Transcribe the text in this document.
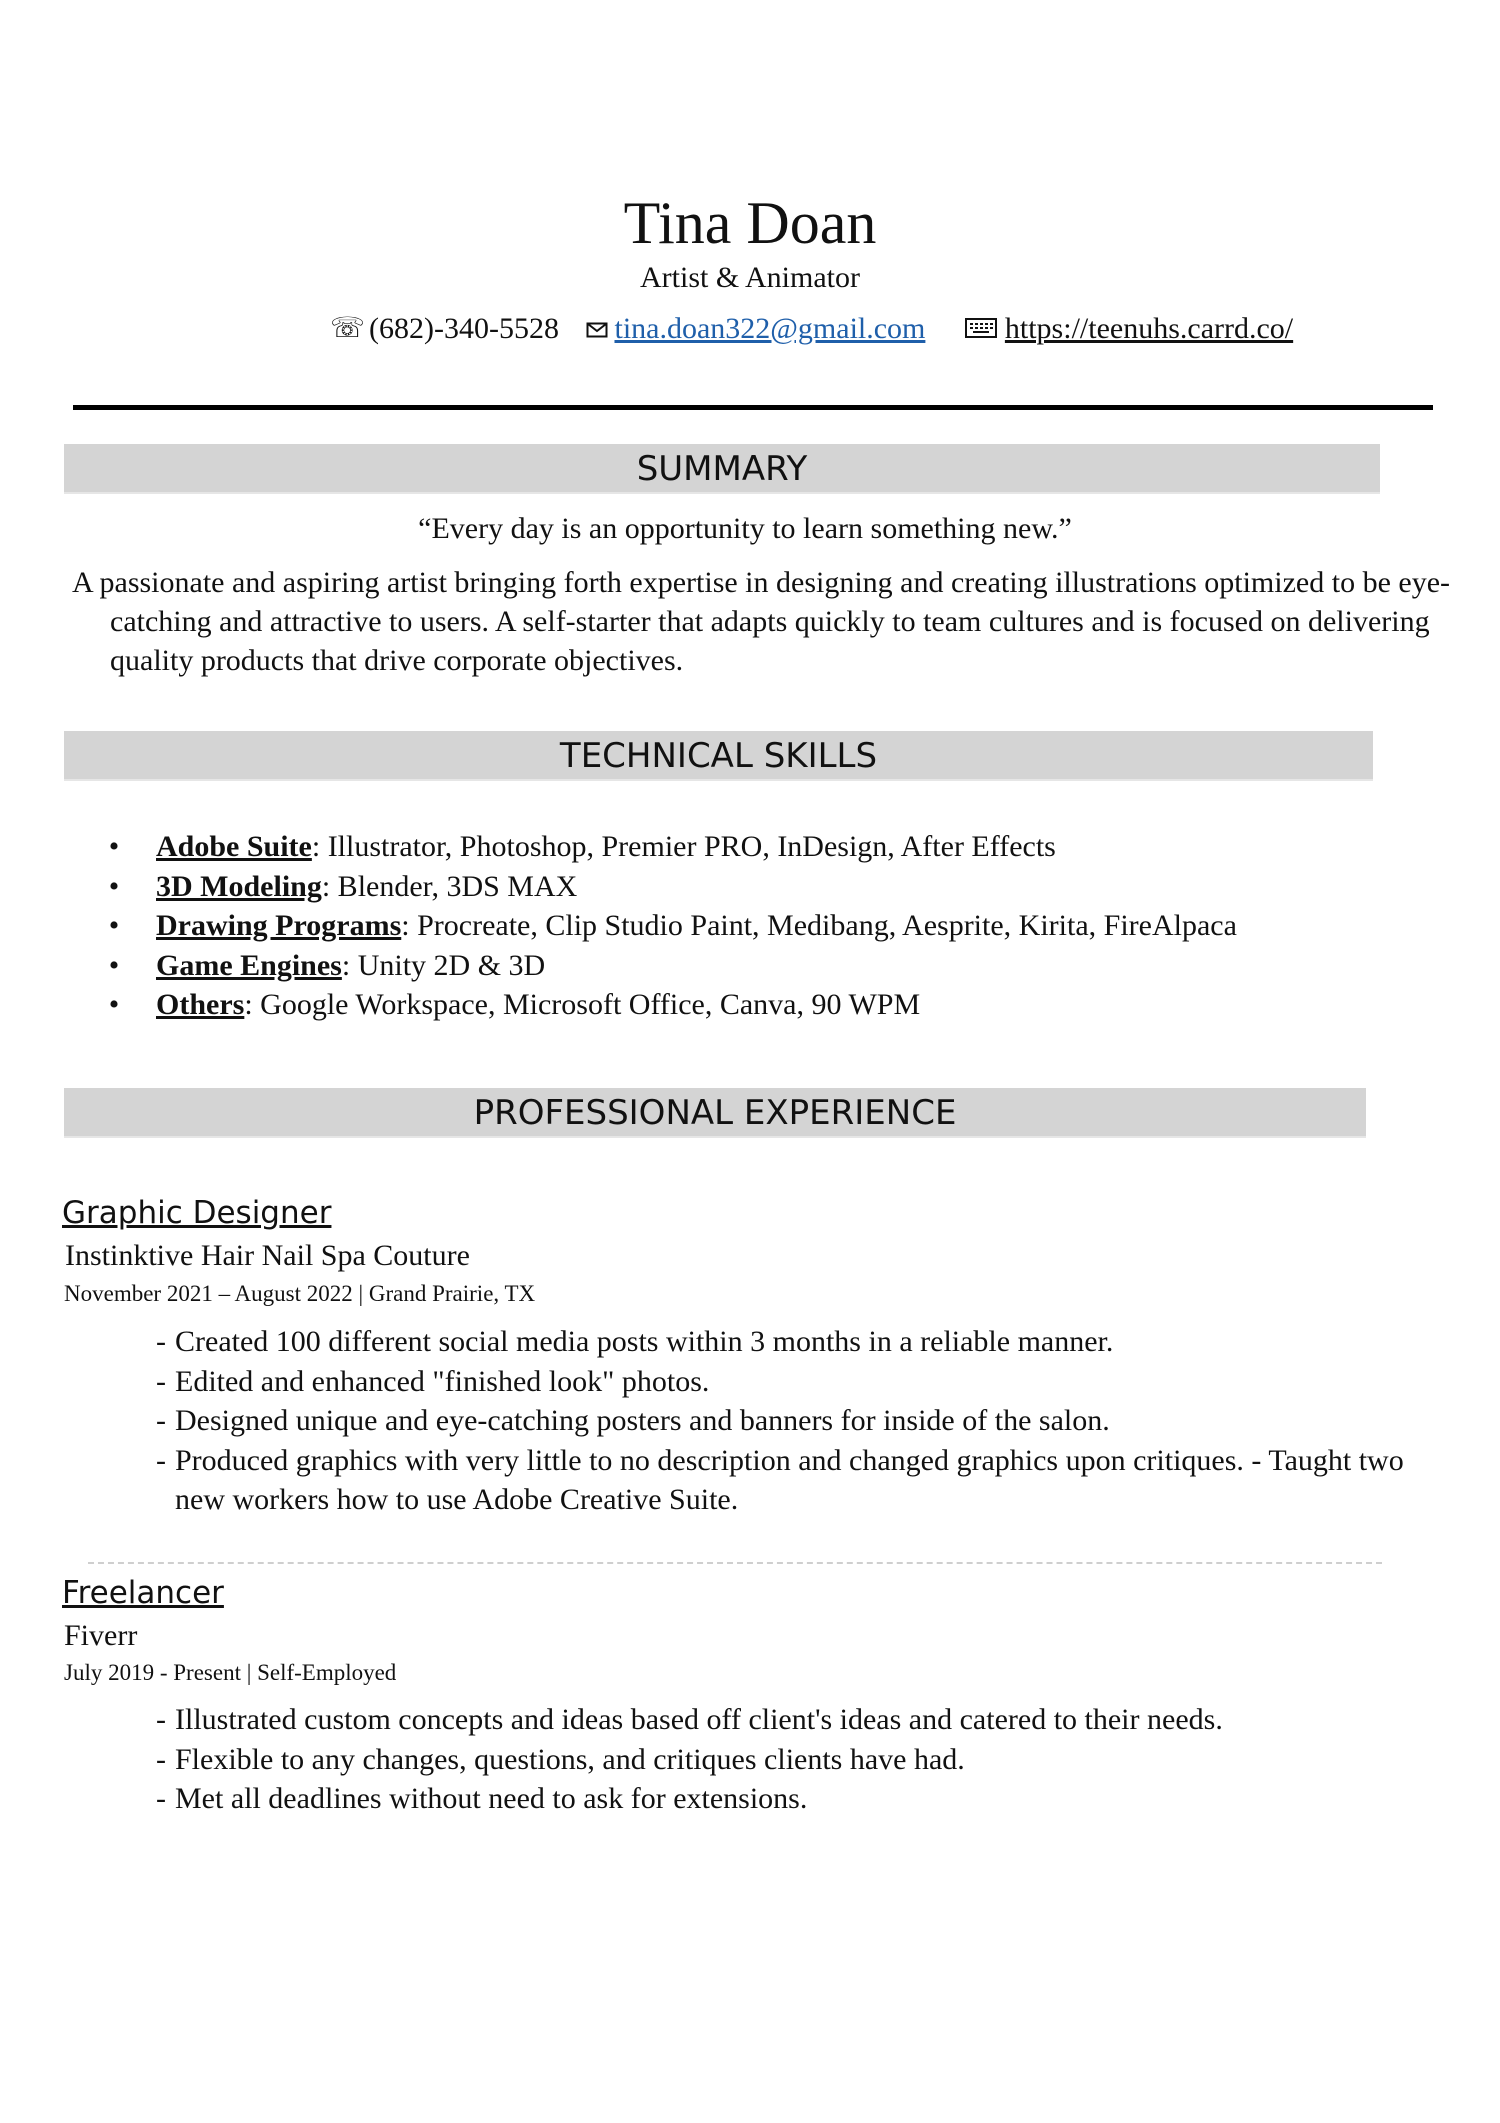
Tina Doan
Artist & Animator
☏ (682)-340-5528 tina.doan322@gmail.com	https://teenuhs.carrd.co/
SUMMARY
“Every day is an opportunity to learn something new.”
A passionate and aspiring artist bringing forth expertise in designing and creating illustrations optimized to be eye-catching and attractive to users. A self-starter that adapts quickly to team cultures and is focused on delivering quality products that drive corporate objectives.
TECHNICAL SKILLS
• Adobe Suite: Illustrator, Photoshop, Premier PRO, InDesign, After Effects
• 3D Modeling: Blender, 3DS MAX
• Drawing Programs: Procreate, Clip Studio Paint, Medibang, Aesprite, Kirita, FireAlpaca
• Game Engines: Unity 2D & 3D
• Others: Google Workspace, Microsoft Office, Canva, 90 WPM
PROFESSIONAL EXPERIENCE
Graphic Designer
Instinktive Hair Nail Spa Couture
November 2021 – August 2022 | Grand Prairie, TX
- Created 100 different social media posts within 3 months in a reliable manner.
- Edited and enhanced "finished look" photos.
- Designed unique and eye-catching posters and banners for inside of the salon.
- Produced graphics with very little to no description and changed graphics upon critiques. - Taught two new workers how to use Adobe Creative Suite.
Freelancer
Fiverr
July 2019 - Present | Self-Employed
- Illustrated custom concepts and ideas based off client's ideas and catered to their needs.
- Flexible to any changes, questions, and critiques clients have had.
- Met all deadlines without need to ask for extensions.
